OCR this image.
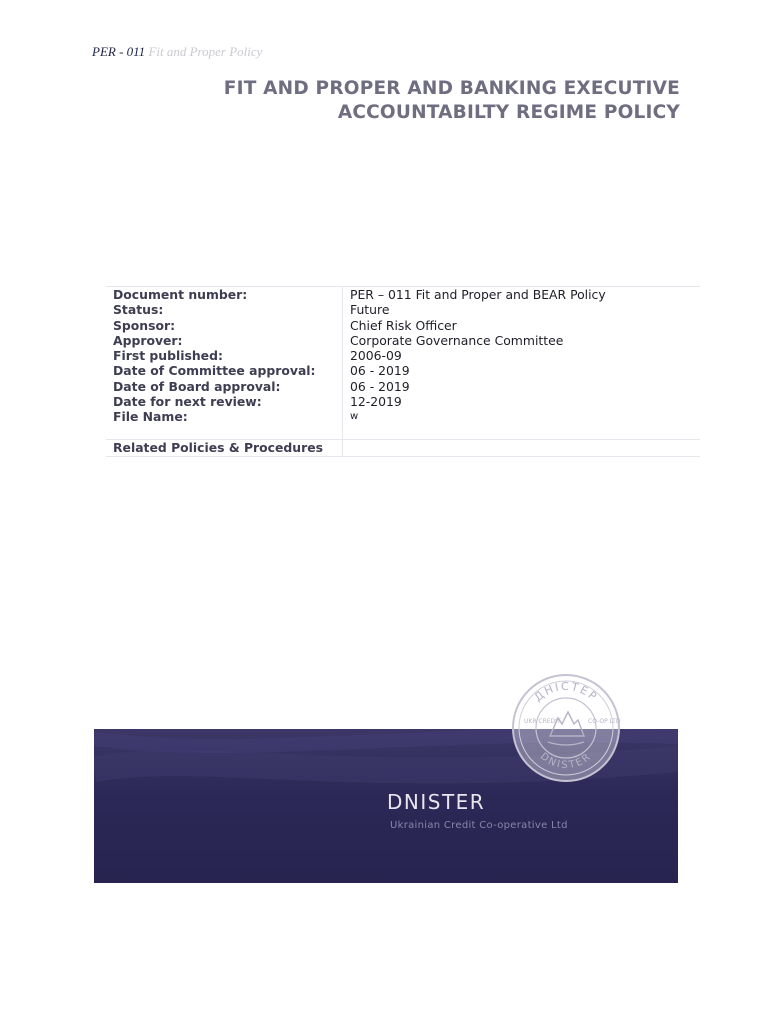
PER - 011 Fit and Proper Policy
FIT AND PROPER AND BANKING EXECUTIVE
ACCOUNTABILTY REGIME POLICY
Document number:	PER – 011 Fit and Proper and BEAR Policy
Status:	Future
Sponsor:	Chief Risk Officer
Approver:	Corporate Governance Committee
First published:	2006-09
Date of Committee approval:	06 - 2019
Date of Board approval:	06 - 2019
Date for next review:	12-2019
File Name:	w
Related Policies & Procedures	
DNISTER
Ukrainian Credit Co-operative Ltd
ДНІСТЕР
DNISTER
UKR CREDIT	CO-OP LTD
